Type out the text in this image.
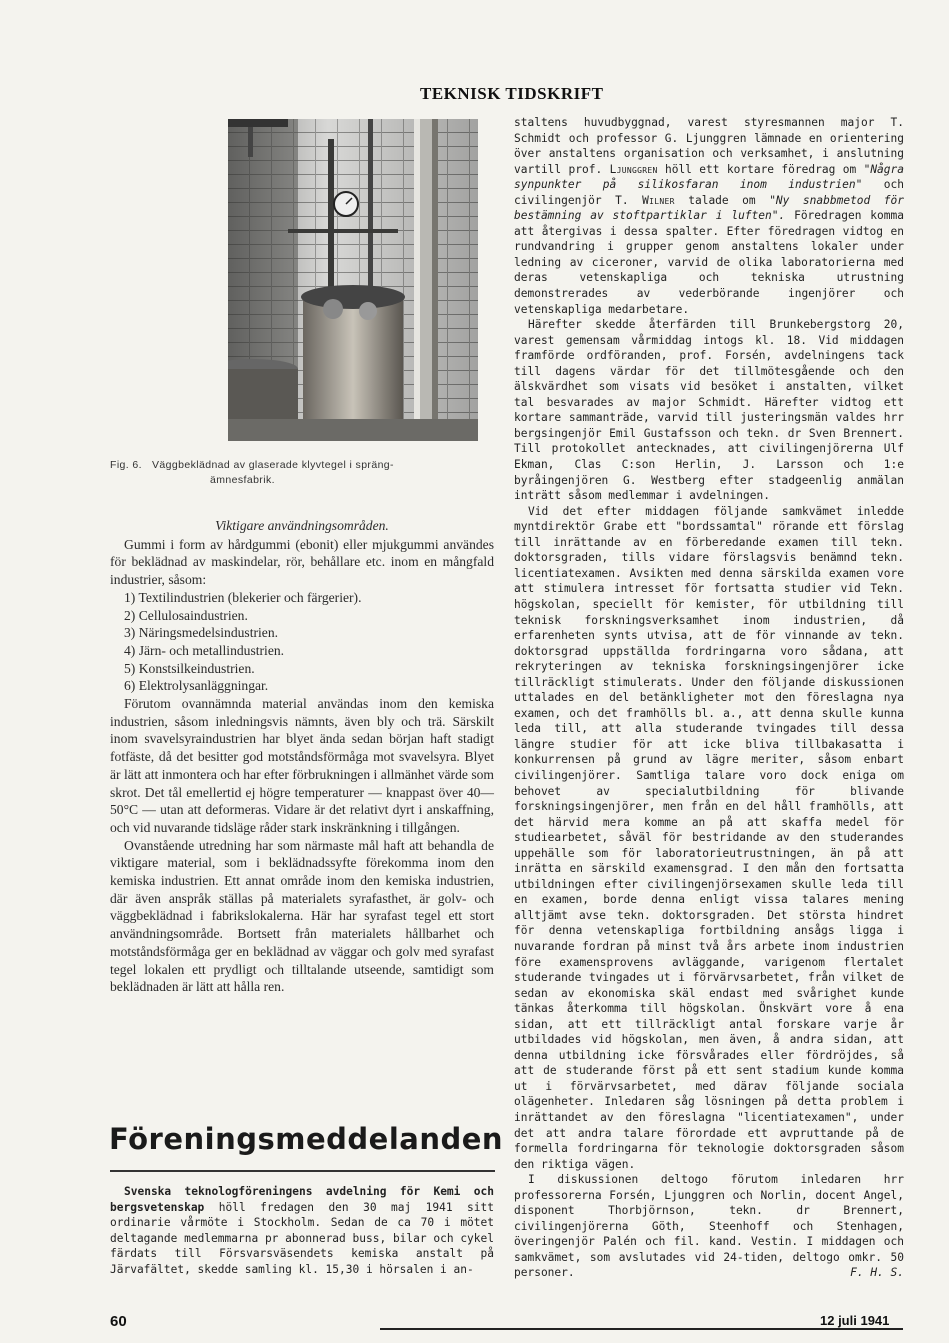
TEKNISK TIDSKRIFT
Fig. 6. Väggbeklädnad av glaserade klyvtegel i spräng-
ämnesfabrik.

Viktigare användningsområden.

Gummi i form av hårdgummi (ebonit) eller mjukgummi användes för beklädnad av maskindelar, rör, behållare etc. inom en mångfald industrier, såsom:

1) Textilindustrien (blekerier och färgerier).
2) Cellulosaindustrien.
3) Näringsmedelsindustrien.
4) Järn- och metallindustrien.
5) Konstsilkeindustrien.
6) Elektrolysanläggningar.

Förutom ovannämnda material användas inom den kemiska industrien, såsom inledningsvis nämnts, även bly och trä. Särskilt inom svavelsyraindustrien har blyet ända sedan början haft stadigt fotfäste, då det besitter god motståndsförmåga mot svavelsyra. Blyet är lätt att inmontera och har efter förbrukningen i allmänhet värde som skrot. Det tål emellertid ej högre temperaturer — knappast över 40—50°C — utan att deformeras. Vidare är det relativt dyrt i anskaffning, och vid nuvarande tidsläge råder stark inskränkning i tillgången.

Ovanstående utredning har som närmaste mål haft att behandla de viktigare material, som i beklädnadssyfte förekomma inom den kemiska industrien. Ett annat område inom den kemiska industrien, där även anspråk ställas på materialets syrafasthet, är golv- och väggbeklädnad i fabrikslokalerna. Här har syrafast tegel ett stort användningsområde. Bortsett från materialets hållbarhet och motståndsförmåga ger en beklädnad av väggar och golv med syrafast tegel lokalen ett prydligt och tilltalande utseende, samtidigt som beklädnaden är lätt att hålla ren.

Föreningsmeddelanden

Svenska teknologföreningens avdelning för Kemi och bergsvetenskap höll fredagen den 30 maj 1941 sitt ordinarie vårmöte i Stockholm. Sedan de ca 70 i mötet deltagande medlemmarna pr abonnerad buss, bilar och cykel färdats till Försvarsväsendets kemiska anstalt på Järvafältet, skedde samling kl. 15,30 i hörsalen i an-

staltens huvudbyggnad, varest styresmannen major T. Schmidt och professor G. Ljunggren lämnade en orientering över anstaltens organisation och verksamhet, i anslutning vartill prof. Ljunggren höll ett kortare föredrag om "Några synpunkter på silikosfaran inom industrien" och civilingenjör T. Wilner talade om "Ny snabbmetod för bestämning av stoftpartiklar i luften". Föredragen komma att återgivas i dessa spalter. Efter föredragen vidtog en rundvandring i grupper genom anstaltens lokaler under ledning av ciceroner, varvid de olika laboratorierna med deras vetenskapliga och tekniska utrustning demonstrerades av vederbörande ingenjörer och vetenskapliga medarbetare.

Härefter skedde återfärden till Brunkebergstorg 20, varest gemensam vårmiddag intogs kl. 18. Vid middagen framförde ordföranden, prof. Forsén, avdelningens tack till dagens värdar för det tillmötesgående och den älskvärdhet som visats vid besöket i anstalten, vilket tal besvarades av major Schmidt. Härefter vidtog ett kortare sammanträde, varvid till justeringsmän valdes hrr bergsingenjör Emil Gustafsson och tekn. dr Sven Brennert. Till protokollet antecknades, att civilingenjörerna Ulf Ekman, Clas C:son Herlin, J. Larsson och 1:e byråingenjören G. Westberg efter stadgeenlig anmälan inträtt såsom medlemmar i avdelningen.

Vid det efter middagen följande samkvämet inledde myntdirektör Grabe ett "bordssamtal" rörande ett förslag till inrättande av en förberedande examen till tekn. doktorsgraden, tills vidare förslagsvis benämnd tekn. licentiatexamen. Avsikten med denna särskilda examen vore att stimulera intresset för fortsatta studier vid Tekn. högskolan, speciellt för kemister, för utbildning till teknisk forskningsverksamhet inom industrien, då erfarenheten synts utvisa, att de för vinnande av tekn. doktorsgrad uppställda fordringarna voro sådana, att rekryteringen av tekniska forskningsingenjörer icke tillräckligt stimulerats. Under den följande diskussionen uttalades en del betänkligheter mot den föreslagna nya examen, och det framhölls bl. a., att denna skulle kunna leda till, att alla studerande tvingades till dessa längre studier för att icke bliva tillbakasatta i konkurrensen på grund av lägre meriter, såsom enbart civilingenjörer. Samtliga talare voro dock eniga om behovet av specialutbildning för blivande forskningsingenjörer, men från en del håll framhölls, att det härvid mera komme an på att skaffa medel för studiearbetet, såväl för bestridande av den studerandes uppehälle som för laboratorieutrustningen, än på att inrätta en särskild examensgrad. I den mån den fortsatta utbildningen efter civilingenjörsexamen skulle leda till en examen, borde denna enligt vissa talares mening alltjämt avse tekn. doktorsgraden. Det största hindret för denna vetenskapliga fortbildning ansågs ligga i nuvarande fordran på minst två års arbete inom industrien före examensprovens avläggande, varigenom flertalet studerande tvingades ut i förvärvsarbetet, från vilket de sedan av ekonomiska skäl endast med svårighet kunde tänkas återkomma till högskolan. Önskvärt vore å ena sidan, att ett tillräckligt antal forskare varje år utbildades vid högskolan, men även, å andra sidan, att denna utbildning icke försvårades eller fördröjdes, så att de studerande först på ett sent stadium kunde komma ut i förvärvsarbetet, med därav följande sociala olägenheter. Inledaren såg lösningen på detta problem i inrättandet av den föreslagna "licentiatexamen", under det att andra talare förordade ett avpruttande på de formella fordringarna för teknologie doktorsgraden såsom den riktiga vägen.

I diskussionen deltogo förutom inledaren hrr professorerna Forsén, Ljunggren och Norlin, docent Angel, disponent Thorbjörnson, tekn. dr Brennert, civilingenjörerna Göth, Steenhoff och Stenhagen, överingenjör Palén och fil. kand. Vestin. I middagen och samkvämet, som avslutades vid 24-tiden, deltogo omkr. 50 personer.	F. H. S.

60	12 juli 1941
